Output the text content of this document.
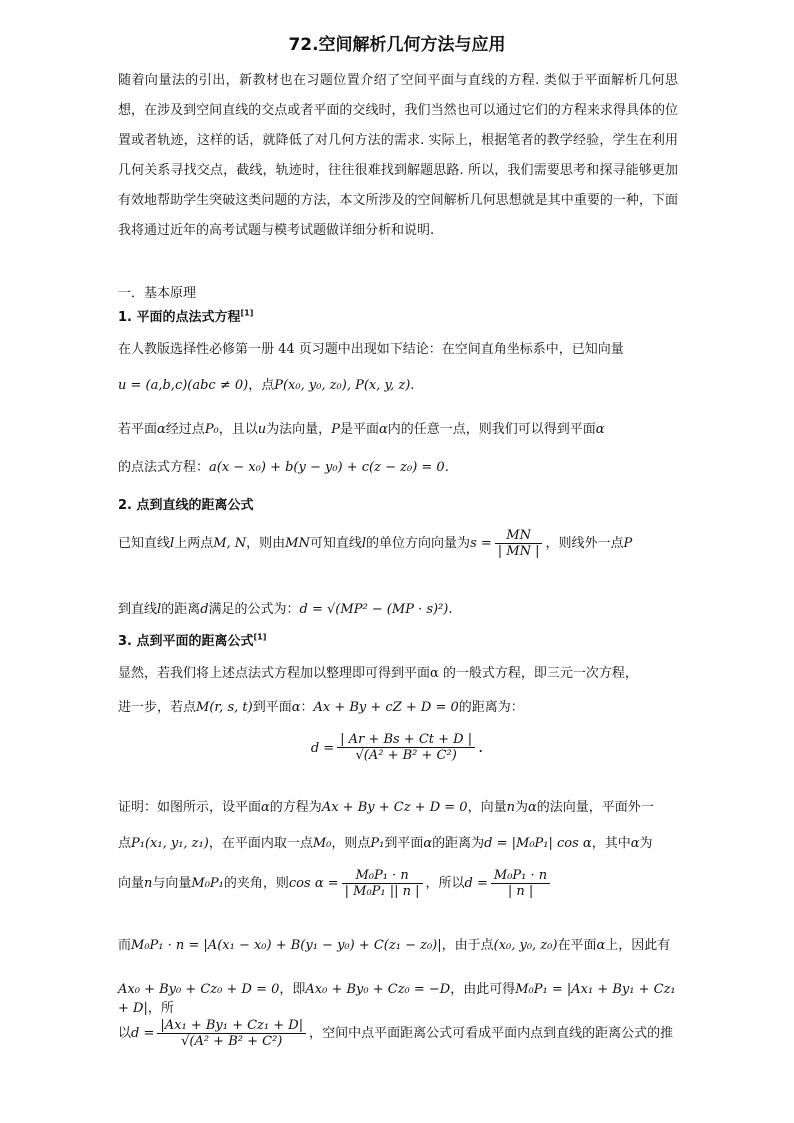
72.空间解析几何方法与应用
随着向量法的引出，新教材也在习题位置介绍了空间平面与直线的方程. 类似于平面解析几何思想，在涉及到空间直线的交点或者平面的交线时，我们当然也可以通过它们的方程来求得具体的位置或者轨迹，这样的话，就降低了对几何方法的需求. 实际上，根据笔者的教学经验，学生在利用几何关系寻找交点，截线，轨迹时，往往很难找到解题思路. 所以，我们需要思考和探寻能够更加有效地帮助学生突破这类问题的方法，本文所涉及的空间解析几何思想就是其中重要的一种，下面我将通过近年的高考试题与模考试题做详细分析和说明.
一．基本原理
1. 平面的点法式方程[1]
在人教版选择性必修第一册 44 页习题中出现如下结论：在空间直角坐标系中，已知向量
u = (a,b,c)(abc ≠ 0)，点P(x₀, y₀, z₀), P(x, y, z).
若平面α经过点P₀，且以u为法向量，P是平面α内的任意一点，则我们可以得到平面α
的点法式方程：a(x − x₀) + b(y − y₀) + c(z − z₀) = 0.
2. 点到直线的距离公式
已知直线l上两点M, N，则由MN可知直线l的单位方向向量为$s = \frac{MN}{| MN |}$ ，则线外一点P
到直线l的距离d满足的公式为：d = √(MP² − (MP · s)²).
3. 点到平面的距离公式[1]
显然，若我们将上述点法式方程加以整理即可得到平面α 的一般式方程，即三元一次方程，
进一步，若点M(r, s, t)到平面α：Ax + By + cZ + D = 0的距离为：
$d = \frac{| Ar + Bs + Ct + D |}{\text{√(A² + B² + C²)}}$ .
证明：如图所示，设平面α的方程为Ax + By + Cz + D = 0，向量n为α的法向量，平面外一
点P₁(x₁, y₁, z₁)，在平面内取一点M₀，则点P₁到平面α的距离为d = |M₀P₁| cos α，其中α为
向量n与向量M₀P₁的夹角，则$\cos \alpha = \frac{\text{M₀P₁ · n}}{\text{| M₀P₁ || n |}}$ ，所以$d = \frac{\text{M₀P₁ · n}}{| n |}$
而M₀P₁ · n = |A(x₁ − x₀) + B(y₁ − y₀) + C(z₁ − z₀)|，由于点(x₀, y₀, z₀)在平面α上，因此有
Ax₀ + By₀ + Cz₀ + D = 0，即Ax₀ + By₀ + Cz₀ = −D，由此可得M₀P₁ = |Ax₁ + By₁ + Cz₁ + D|，所
以$d = \frac{\text{|Ax₁ + By₁ + Cz₁ + D|}}{\text{√(A² + B² + C²)}}$ ，空间中点平面距离公式可看成平面内点到直线的距离公式的推
